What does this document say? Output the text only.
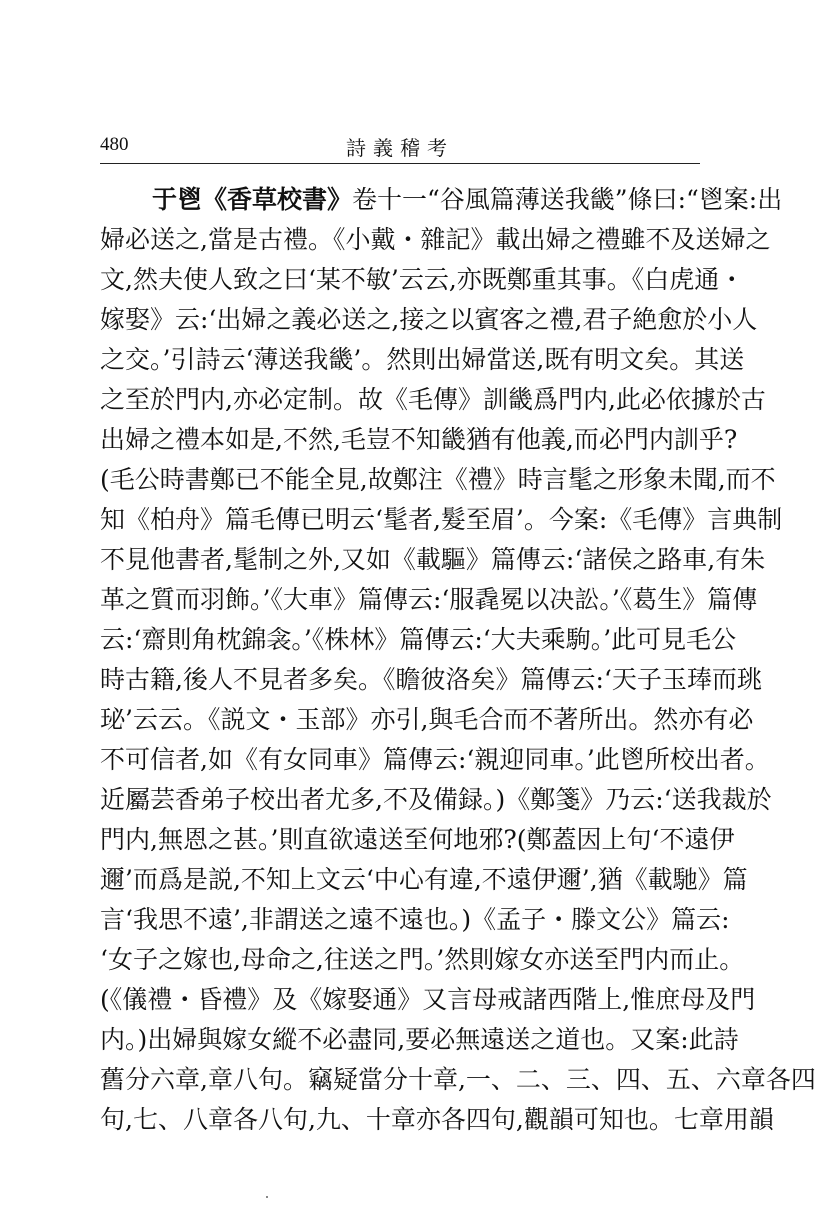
480	詩義稽考
于鬯《香草校書》卷十一“谷風篇薄送我畿”條曰:“鬯案:出
婦必送之,當是古禮。《小戴・雜記》載出婦之禮雖不及送婦之
文,然夫使人致之曰‘某不敏’云云,亦既鄭重其事。《白虎通・
嫁娶》云:‘出婦之義必送之,接之以賓客之禮,君子絶愈於小人
之交。’引詩云‘薄送我畿’。然則出婦當送,既有明文矣。其送
之至於門内,亦必定制。故《毛傳》訓畿爲門内,此必依據於古
出婦之禮本如是,不然,毛豈不知畿猶有他義,而必門内訓乎?
(毛公時書鄭已不能全見,故鄭注《禮》時言髦之形象未聞,而不
知《柏舟》篇毛傳已明云‘髦者,髮至眉’。今案:《毛傳》言典制
不見他書者,髦制之外,又如《載驅》篇傳云:‘諸侯之路車,有朱
革之質而羽飾。’《大車》篇傳云:‘服毳冕以决訟。’《葛生》篇傳
云:‘齋則角枕錦衾。’《株林》篇傳云:‘大夫乘駒。’此可見毛公
時古籍,後人不見者多矣。《瞻彼洛矣》篇傳云:‘天子玉琫而珧
珌’云云。《説文・玉部》亦引,與毛合而不著所出。然亦有必
不可信者,如《有女同車》篇傳云:‘親迎同車。’此鬯所校出者。
近屬芸香弟子校出者尤多,不及備録。)《鄭箋》乃云:‘送我裁於
門内,無恩之甚。’則直欲遠送至何地邪?(鄭蓋因上句‘不遠伊
邇’而爲是説,不知上文云‘中心有違,不遠伊邇’,猶《載馳》篇
言‘我思不遠’,非謂送之遠不遠也。)《孟子・滕文公》篇云:
‘女子之嫁也,母命之,往送之門。’然則嫁女亦送至門内而止。
(《儀禮・昏禮》及《嫁娶通》又言母戒諸西階上,惟庶母及門
内。)出婦與嫁女縱不必盡同,要必無遠送之道也。又案:此詩
舊分六章,章八句。竊疑當分十章,一、二、三、四、五、六章各四
句,七、八章各八句,九、十章亦各四句,觀韻可知也。七章用韻
